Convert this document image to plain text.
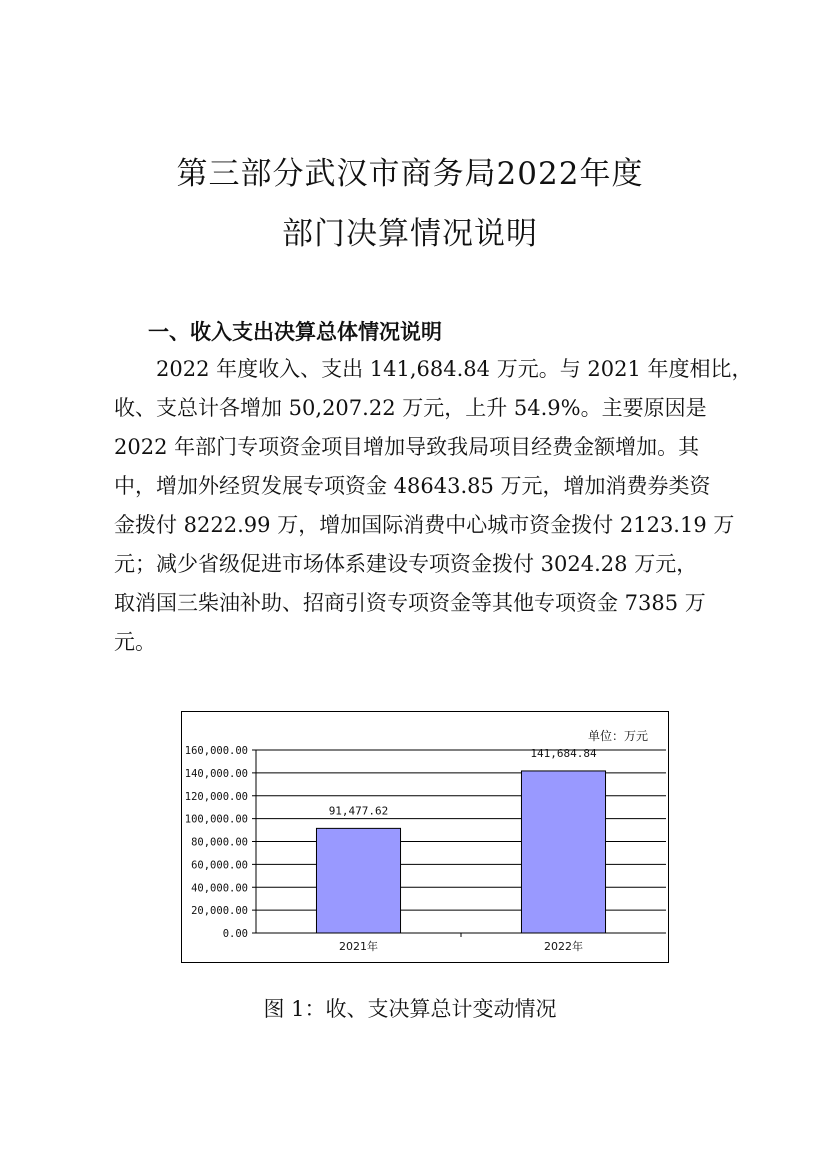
第三部分武汉市商务局2022年度
部门决算情况说明
一、收入支出决算总体情况说明
　　2022 年度收入、支出 141,684.84 万元。与 2021 年度相比，
收、支总计各增加 50,207.22 万元，上升 54.9%。主要原因是
2022 年部门专项资金项目增加导致我局项目经费金额增加。其
中，增加外经贸发展专项资金 48643.85 万元，增加消费券类资
金拨付 8222.99 万，增加国际消费中心城市资金拨付 2123.19 万
元；减少省级促进市场体系建设专项资金拨付 3024.28 万元，
取消国三柴油补助、招商引资专项资金等其他专项资金 7385 万
元。
单位：万元
0.00
20,000.00
40,000.00
60,000.00
80,000.00
100,000.00
120,000.00
140,000.00
160,000.00
91,477.62
2021年
141,684.84
2022年
图 1：收、支决算总计变动情况
